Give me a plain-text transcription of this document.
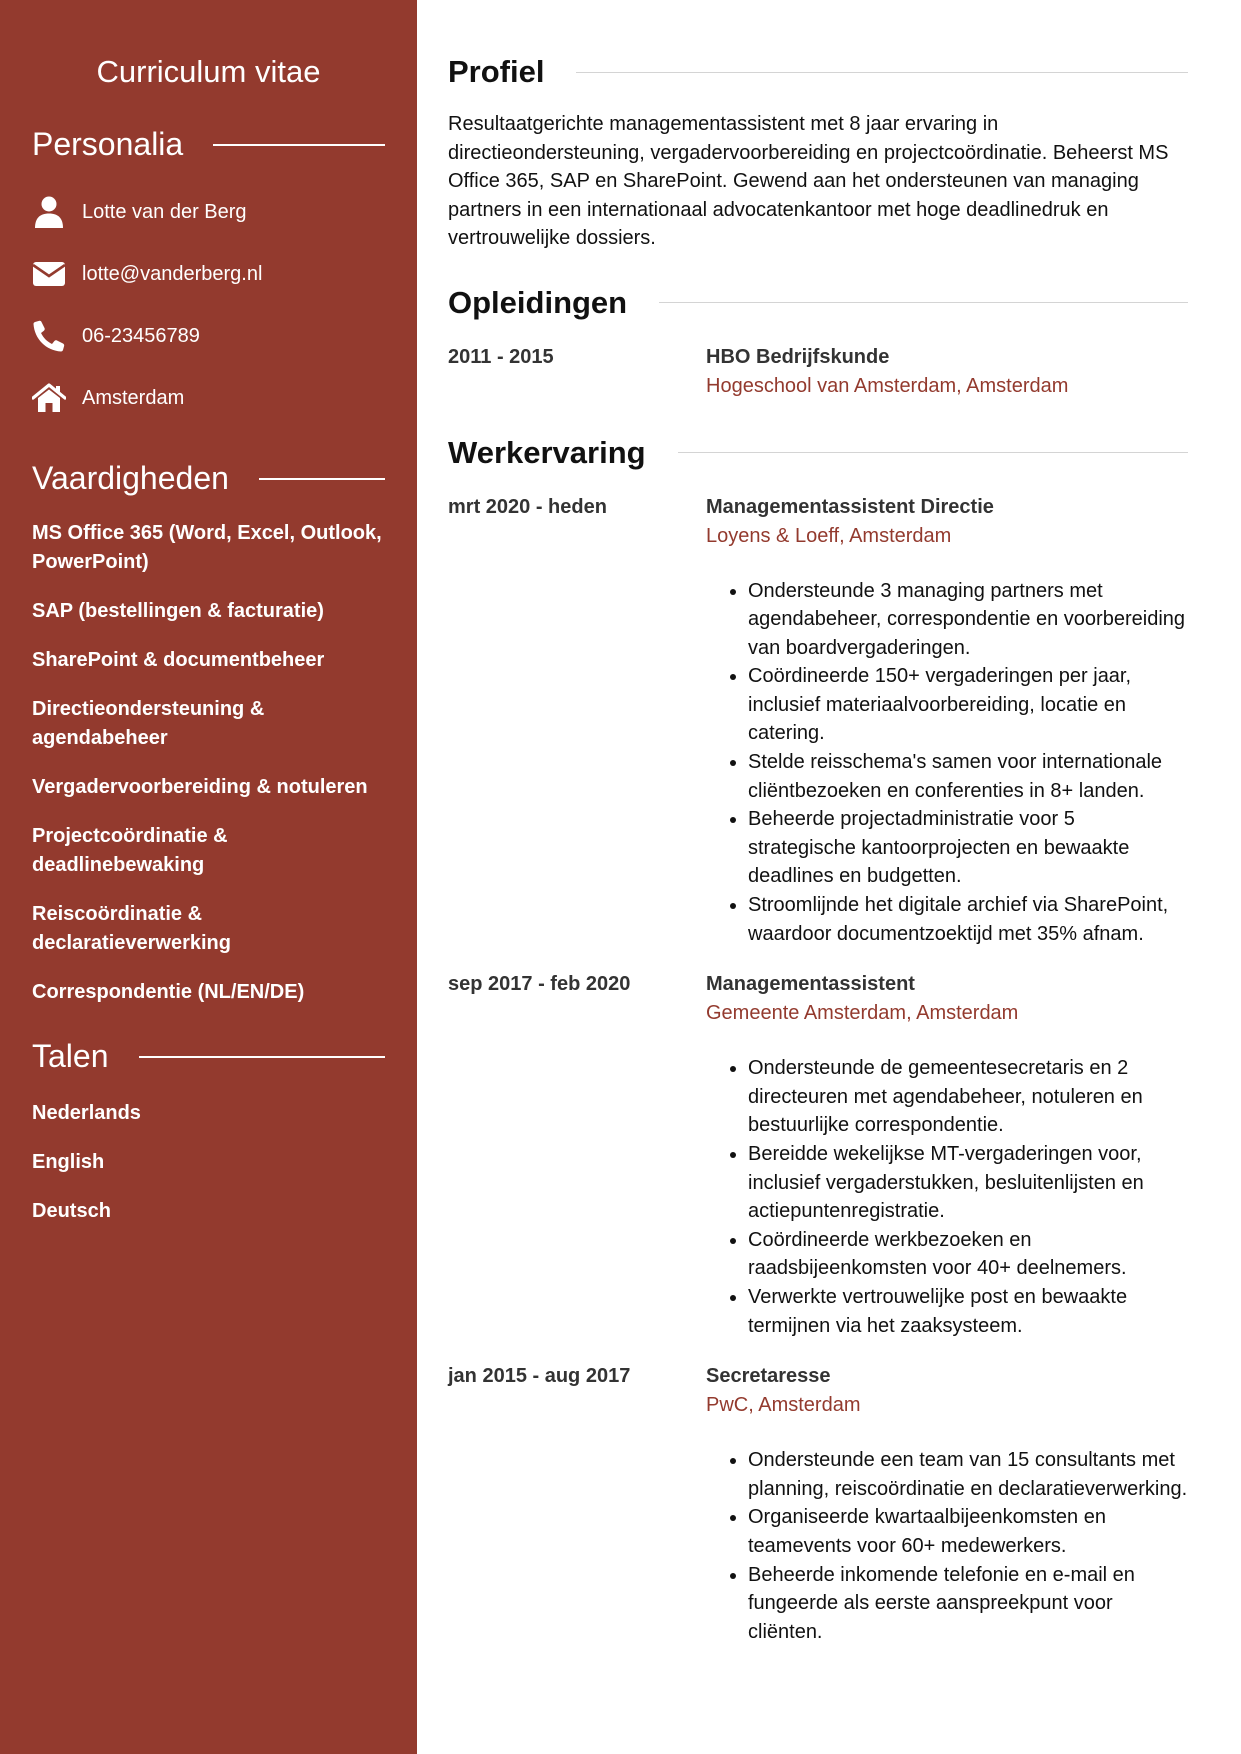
Curriculum vitae
Personalia
Lotte van der Berg
lotte@vanderberg.nl
06-23456789
Amsterdam
Vaardigheden
MS Office 365 (Word, Excel, Outlook, PowerPoint)
SAP (bestellingen & facturatie)
SharePoint & documentbeheer
Directieondersteuning & agendabeheer
Vergadervoorbereiding & notuleren
Projectcoördinatie & deadlinebewaking
Reiscoördinatie & declaratieverwerking
Correspondentie (NL/EN/DE)
Talen
Nederlands
English
Deutsch
Profiel

Resultaatgerichte managementassistent met 8 jaar ervaring in directieondersteuning, vergadervoorbereiding en projectcoördinatie. Beheerst MS Office 365, SAP en SharePoint. Gewend aan het ondersteunen van managing partners in een internationaal advocatenkantoor met hoge deadlinedruk en vertrouwelijke dossiers.

Opleidingen
2011 - 2015	HBO Bedrijfskunde
Hogeschool van Amsterdam, Amsterdam
Werkervaring
mrt 2020 - heden	Managementassistent Directie
Loyens & Loeff, Amsterdam
• Ondersteunde 3 managing partners met agendabeheer, correspondentie en voorbereiding van boardvergaderingen.
• Coördineerde 150+ vergaderingen per jaar, inclusief materiaalvoorbereiding, locatie en catering.
• Stelde reisschema's samen voor internationale cliëntbezoeken en conferenties in 8+ landen.
• Beheerde projectadministratie voor 5 strategische kantoorprojecten en bewaakte deadlines en budgetten.
• Stroomlijnde het digitale archief via SharePoint, waardoor documentzoektijd met 35% afnam.
sep 2017 - feb 2020	Managementassistent
Gemeente Amsterdam, Amsterdam
• Ondersteunde de gemeentesecretaris en 2 directeuren met agendabeheer, notuleren en bestuurlijke correspondentie.
• Bereidde wekelijkse MT-vergaderingen voor, inclusief vergaderstukken, besluitenlijsten en actiepuntenregistratie.
• Coördineerde werkbezoeken en raadsbijeenkomsten voor 40+ deelnemers.
• Verwerkte vertrouwelijke post en bewaakte termijnen via het zaaksysteem.
jan 2015 - aug 2017	Secretaresse
PwC, Amsterdam
• Ondersteunde een team van 15 consultants met planning, reiscoördinatie en declaratieverwerking.
• Organiseerde kwartaalbijeenkomsten en teamevents voor 60+ medewerkers.
• Beheerde inkomende telefonie en e-mail en fungeerde als eerste aanspreekpunt voor cliënten.
